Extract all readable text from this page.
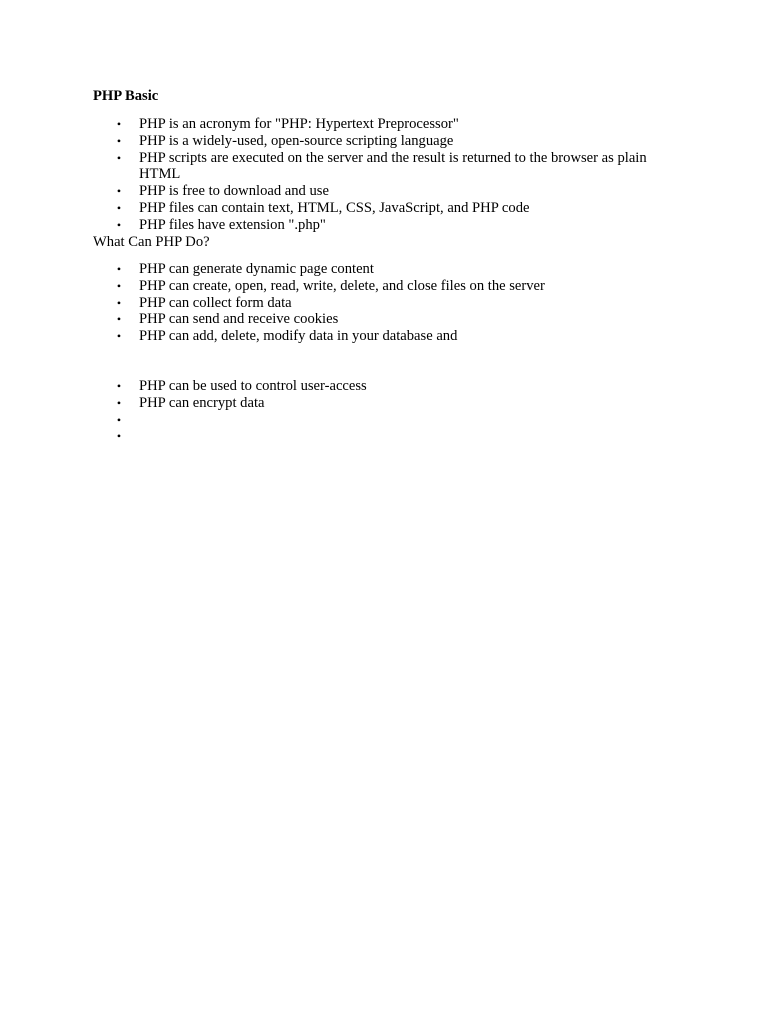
PHP Basic
• PHP is an acronym for "PHP: Hypertext Preprocessor"
• PHP is a widely-used, open-source scripting language
• PHP scripts are executed on the server and the result is returned to the browser as plain HTML
• PHP is free to download and use
• PHP files can contain text, HTML, CSS, JavaScript, and PHP code
• PHP files have extension ".php"

What Can PHP Do?

• PHP can generate dynamic page content
• PHP can create, open, read, write, delete, and close files on the server
• PHP can collect form data
• PHP can send and receive cookies
• PHP can add, delete, modify data in your database and
• PHP can be used to control user-access
• PHP can encrypt data
•
•
